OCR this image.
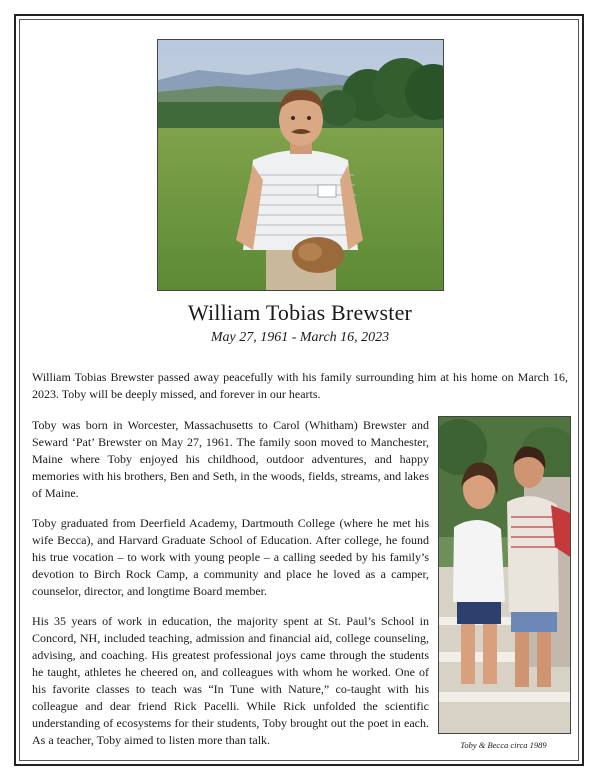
William Tobias Brewster
May 27, 1961 - March 16, 2023
William Tobias Brewster passed away peacefully with his family surrounding him at his home on March 16, 2023. Toby will be deeply missed, and forever in our hearts.

Toby was born in Worcester, Massachusetts to Carol (Whitham) Brewster and Seward ‘Pat’ Brewster on May 27, 1961. The family soon moved to Manchester, Maine where Toby enjoyed his childhood, outdoor adventures, and happy memories with his brothers, Ben and Seth, in the woods, fields, streams, and lakes of Maine.

Toby graduated from Deerfield Academy, Dartmouth College (where he met his wife Becca), and Harvard Graduate School of Education. After college, he found his true vocation – to work with young people – a calling seeded by his family’s devotion to Birch Rock Camp, a community and place he loved as a camper, counselor, director, and longtime Board member.

His 35 years of work in education, the majority spent at St. Paul’s School in Concord, NH, included teaching, admission and financial aid, college counseling, advising, and coaching. His greatest professional joys came through the students he taught, athletes he cheered on, and colleagues with whom he worked. One of his favorite classes to teach was “In Tune with Nature,” co-taught with his colleague and dear friend Rick Pacelli. While Rick unfolded the scientific understanding of ecosystems for their students, Toby brought out the poet in each. As a teacher, Toby aimed to listen more than talk.	Toby & Becca circa 1989
